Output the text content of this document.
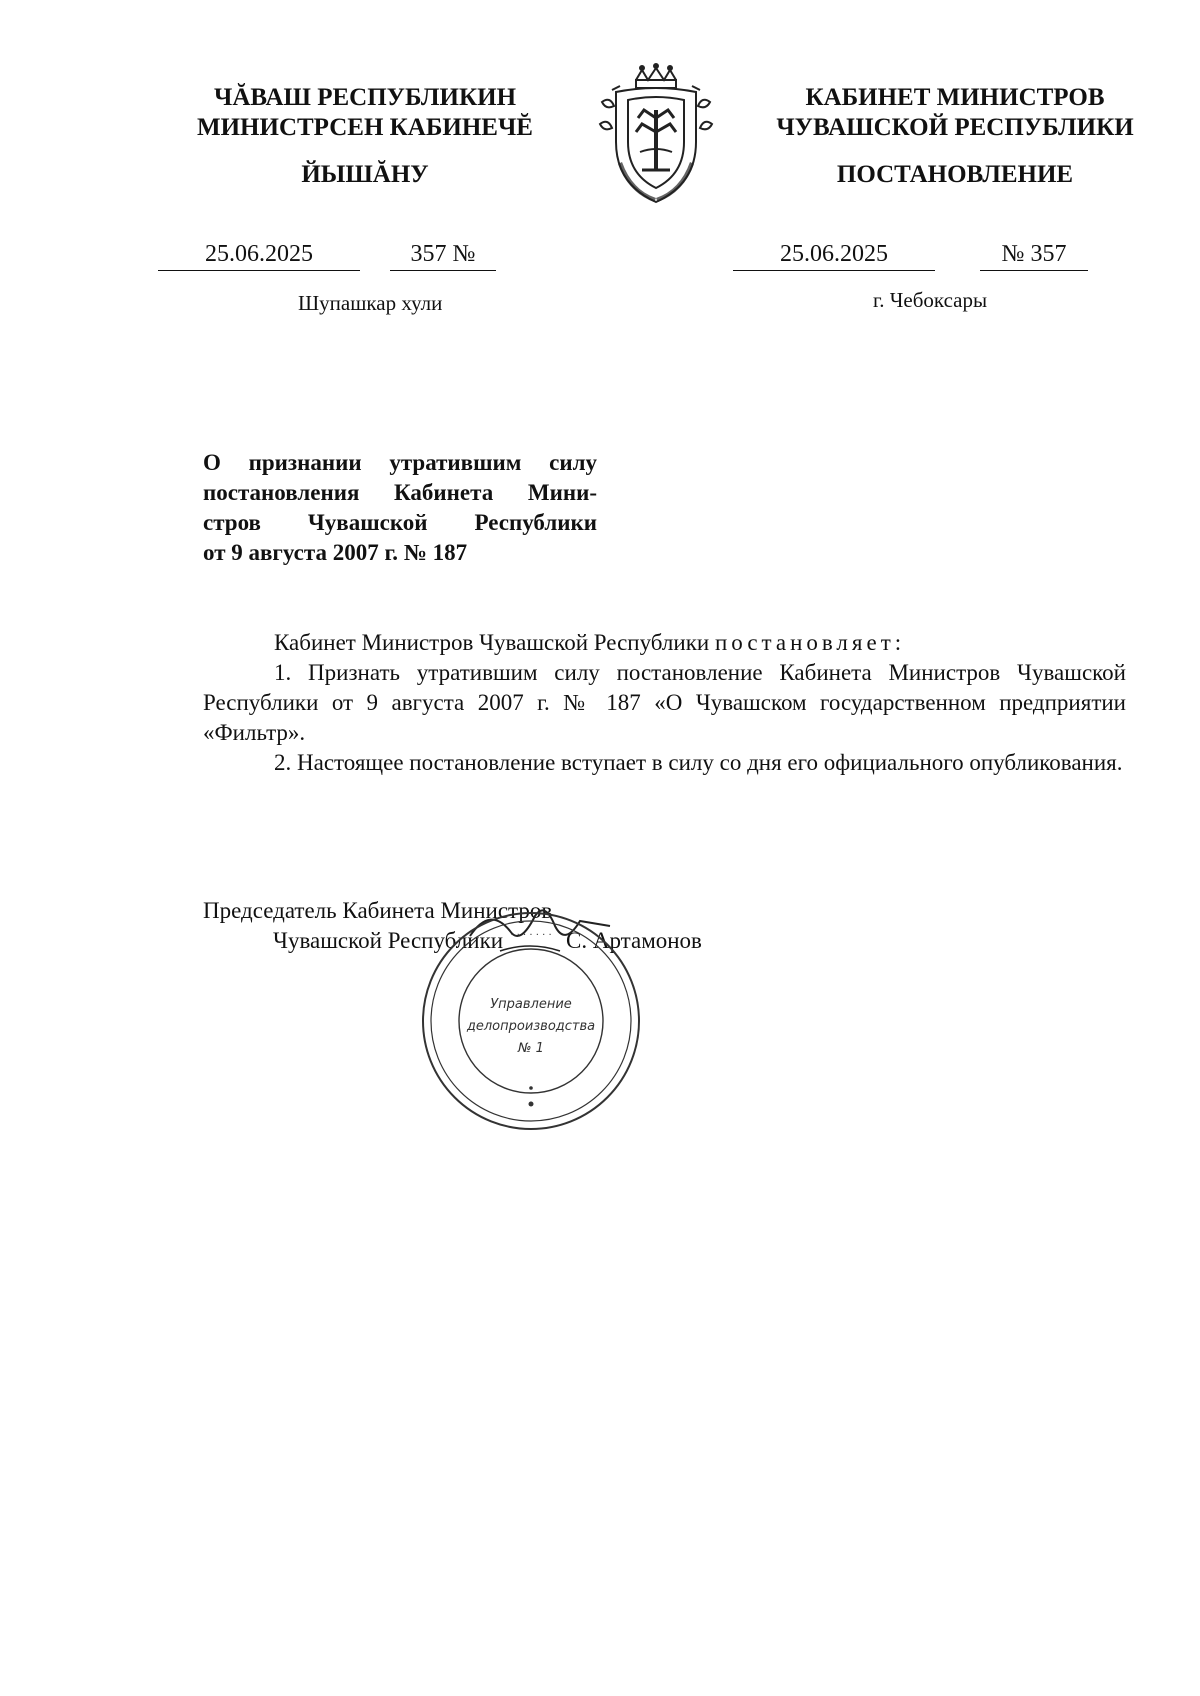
ЧĂВАШ РЕСПУБЛИКИН
МИНИСТРСЕН КАБИНЕЧĔ
ЙЫШĂНУ
КАБИНЕТ МИНИСТРОВ
ЧУВАШСКОЙ РЕСПУБЛИКИ
ПОСТАНОВЛЕНИЕ
25.06.2025	357 №	25.06.2025	№ 357
Шупашкар хули	г. Чебоксары
О признании утратившим силу
постановления Кабинета Мини-
стров Чувашской Республики
от 9 августа 2007 г. № 187

Кабинет Министров Чувашской Республики постановляет:

1. Признать утратившим силу постановление Кабинета Министров Чувашской Республики от 9 августа 2007 г. № 187 «О Чувашском государственном предприятии «Фильтр».

2. Настоящее постановление вступает в силу со дня его официального опубликования.

Председатель Кабинета Министров
Чувашской Республики	С. Артамонов
· · · · · · ·
Управление
делопроизводства
№ 1
